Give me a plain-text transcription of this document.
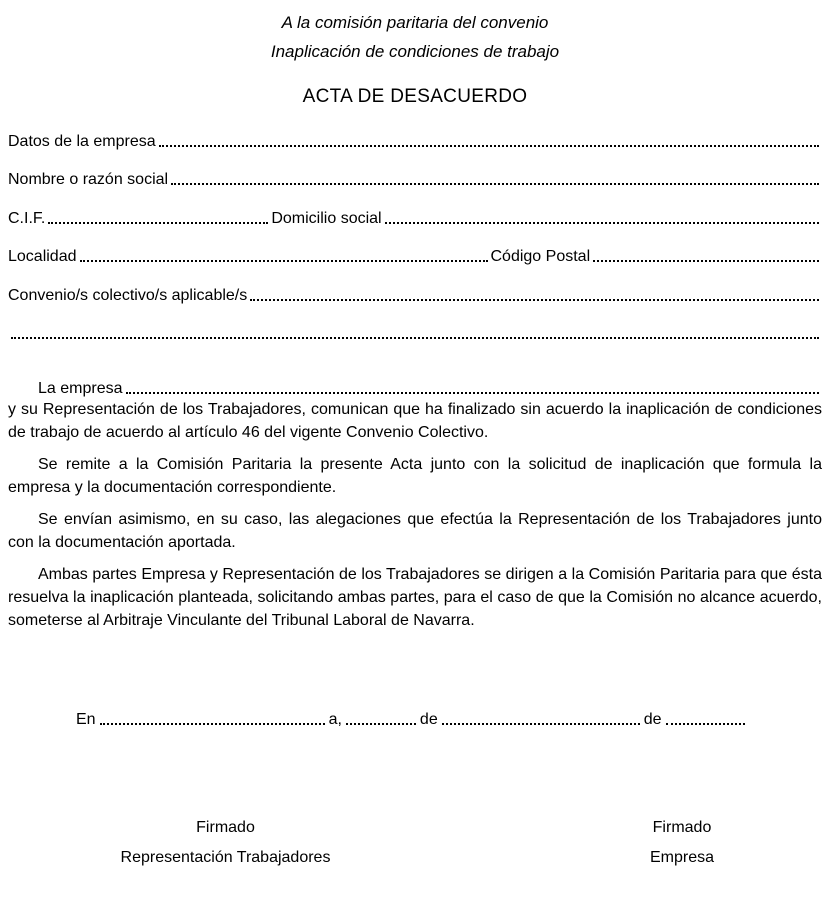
A la comisión paritaria del convenio
Inaplicación de condiciones de trabajo
ACTA DE DESACUERDO
Datos de la empresa
Nombre o razón social
C.I.F.	Domicilio social
Localidad	Código Postal
Convenio/s colectivo/s aplicable/s
La empresa

y su Representación de los Trabajadores, comunican que ha finalizado sin acuerdo la inaplicación de condiciones de trabajo de acuerdo al artículo 46 del vigente Convenio Colectivo.

Se remite a la Comisión Paritaria la presente Acta junto con la solicitud de inaplicación que formula la empresa y la documentación correspondiente.

Se envían asimismo, en su caso, las alegaciones que efectúa la Representación de los Trabajadores junto con la documentación aportada.

Ambas partes Empresa y Representación de los Trabajadores se dirigen a la Comisión Paritaria para que ésta resuelva la inaplicación planteada, solicitando ambas partes, para el caso de que la Comisión no alcance acuerdo, someterse al Arbitraje Vinculante del Tribunal Laboral de Navarra.

En	a,	de	de
Firmado
Representación Trabajadores
Firmado
Empresa
